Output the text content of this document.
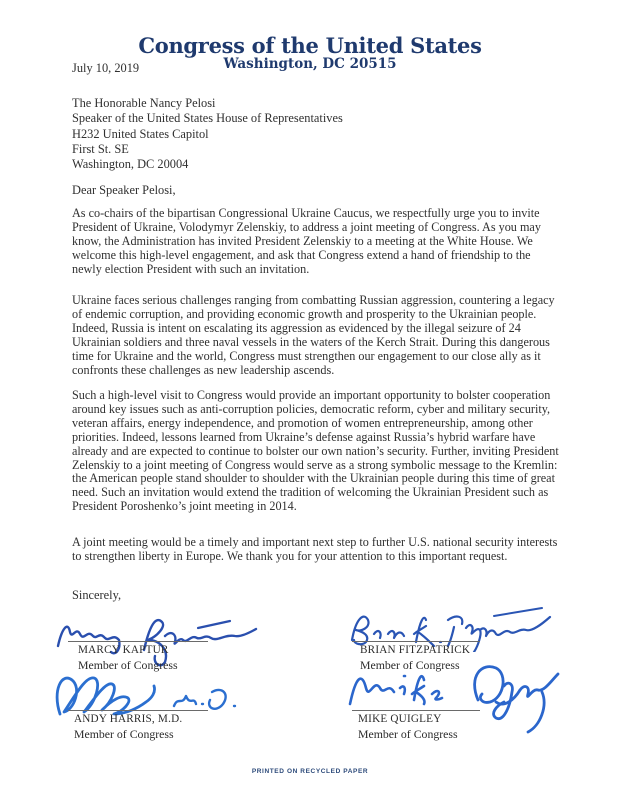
Congress of the United States
Washington, DC 20515
July 10, 2019
The Honorable Nancy Pelosi
Speaker of the United States House of Representatives
H232 United States Capitol
First St. SE
Washington, DC 20004
Dear Speaker Pelosi,
As co-chairs of the bipartisan Congressional Ukraine Caucus, we respectfully urge you to invite President of Ukraine, Volodymyr Zelenskiy, to address a joint meeting of Congress. As you may know, the Administration has invited President Zelenskiy to a meeting at the White House. We welcome this high-level engagement, and ask that Congress extend a hand of friendship to the newly election President with such an invitation.
Ukraine faces serious challenges ranging from combatting Russian aggression, countering a legacy of endemic corruption, and providing economic growth and prosperity to the Ukrainian people. Indeed, Russia is intent on escalating its aggression as evidenced by the illegal seizure of 24 Ukrainian soldiers and three naval vessels in the waters of the Kerch Strait. During this dangerous time for Ukraine and the world, Congress must strengthen our engagement to our close ally as it confronts these challenges as new leadership ascends.
Such a high-level visit to Congress would provide an important opportunity to bolster cooperation around key issues such as anti-corruption policies, democratic reform, cyber and military security, veteran affairs, energy independence, and promotion of women entrepreneurship, among other priorities. Indeed, lessons learned from Ukraine’s defense against Russia’s hybrid warfare have already and are expected to continue to bolster our own nation’s security. Further, inviting President Zelenskiy to a joint meeting of Congress would serve as a strong symbolic message to the Kremlin: the American people stand shoulder to shoulder with the Ukrainian people during this time of great need. Such an invitation would extend the tradition of welcoming the Ukrainian President such as President Poroshenko’s joint meeting in 2014.
A joint meeting would be a timely and important next step to further U.S. national security interests to strengthen liberty in Europe. We thank you for your attention to this important request.
Sincerely,
MARCY KAPTUR
Member of Congress
BRIAN FITZPATRICK
Member of Congress
ANDY HARRIS, M.D.
Member of Congress
MIKE QUIGLEY
Member of Congress
PRINTED ON RECYCLED PAPER
